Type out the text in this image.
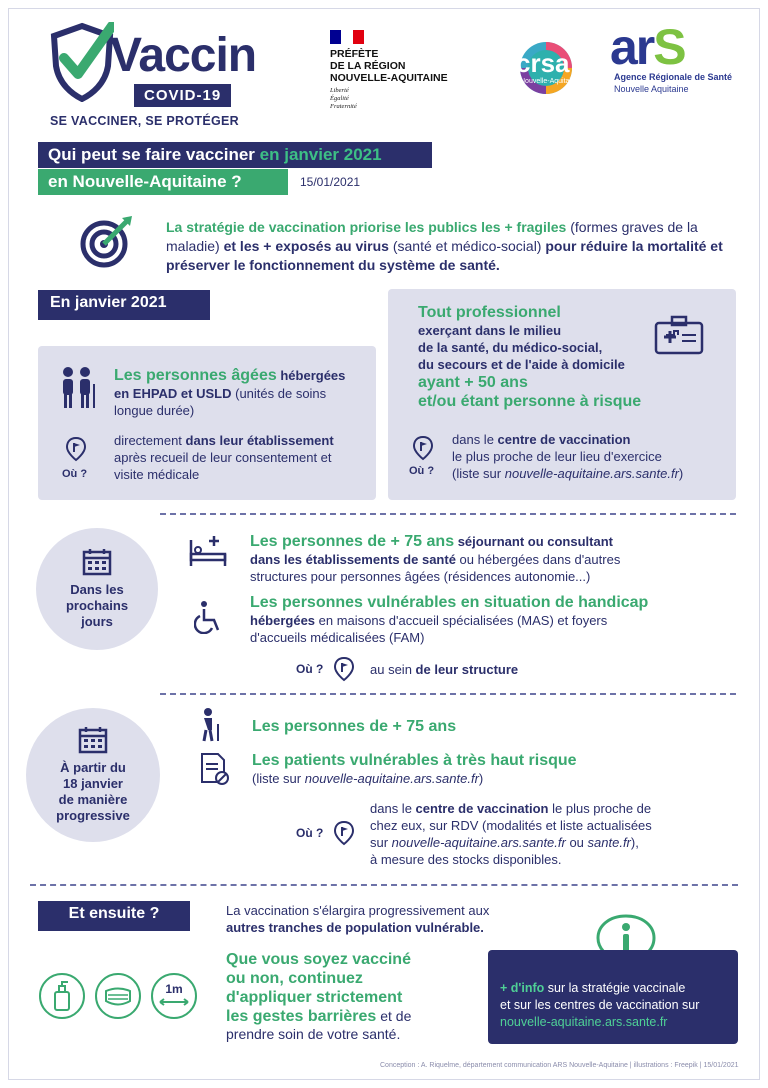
Vaccin
COVID-19
SE VACCINER, SE PROTÉGER
PRÉFÈTE
DE LA RÉGION
NOUVELLE-AQUITAINE
Liberté
Égalité
Fraternité
crsa
Nouvelle-Aquitaine
arS
Agence Régionale de Santé
Nouvelle Aquitaine
Qui peut se faire vacciner en janvier 2021
en Nouvelle-Aquitaine ?	15/01/2021
La stratégie de vaccination priorise les publics les + fragiles (formes graves de la maladie) et les + exposés au virus (santé et médico-social) pour réduire la mortalité et préserver le fonctionnement du système de santé.
En janvier 2021
Les personnes âgées hébergées
en EHPAD et USLD (unités de soins
longue durée)
Où ?
directement dans leur établissement après recueil de leur consentement et visite médicale
Tout professionnel
exerçant dans le milieu
de la santé, du médico-social,
du secours et de l'aide à domicile
ayant + 50 ans
et/ou étant personne à risque
Où ?
dans le centre de vaccination
le plus proche de leur lieu d'exercice
(liste sur nouvelle-aquitaine.ars.sante.fr)
Dans les
prochains
jours
Les personnes de + 75 ans séjournant ou consultant
dans les établissements de santé ou hébergées dans d'autres
structures pour personnes âgées (résidences autonomie...)
Les personnes vulnérables en situation de handicap
hébergées en maisons d'accueil spécialisées (MAS) et foyers
d'accueils médicalisées (FAM)
Où ?	au sein de leur structure
À partir du
18 janvier
de manière
progressive
Les personnes de + 75 ans
Les patients vulnérables à très haut risque
(liste sur nouvelle-aquitaine.ars.sante.fr)
Où ?
dans le centre de vaccination le plus proche de
chez eux, sur RDV (modalités et liste actualisées
sur nouvelle-aquitaine.ars.sante.fr ou sante.fr),
à mesure des stocks disponibles.
Et ensuite ?	La vaccination s'élargira progressivement aux
autres tranches de population vulnérable.
Que vous soyez vacciné
ou non, continuez
d'appliquer strictement
les gestes barrières et de
prendre soin de votre santé.
1m	+ d'info sur la stratégie vaccinale
et sur les centres de vaccination sur
nouvelle-aquitaine.ars.sante.fr
Conception : A. Riquelme, département communication ARS Nouvelle-Aquitaine | illustrations : Freepik | 15/01/2021
